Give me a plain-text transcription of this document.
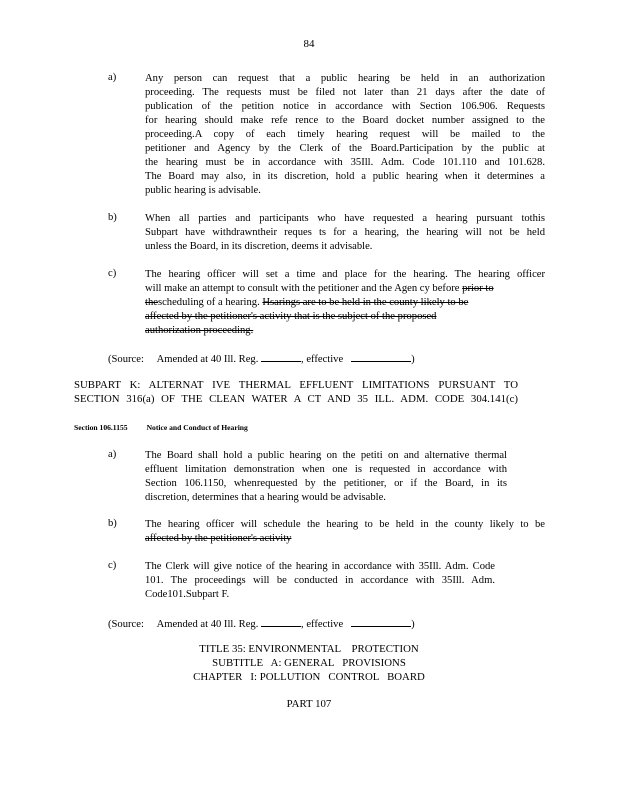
84
a)	Any person can request that a public hearing be held in an authorization
proceeding. The requests must be filed not later than 21 days after the date of
publication of the petition notice in accordance with Section 106.906. Requests
for hearing should make refe rence to the Board docket number assigned to the
proceeding.A copy of each timely hearing request will be mailed to the
petitioner and Agency by the Clerk of the Board.Participation by the public at
the hearing must be in accordance with 35Ill. Adm. Code 101.110 and 101.628.
The Board may also, in its discretion, hold a public hearing when it determines a
public hearing is advisable.
b)	When all parties and participants who have requested a hearing pursuant tothis
Subpart have withdrawntheir reques ts for a hearing, the hearing will not be held
unless the Board, in its discretion, deems it advisable.
c)	The hearing officer will set a time and place for the hearing. The hearing officer
will make an attempt to consult with the petitioner and the Agen cy before prior to
thescheduling of a hearing. Hsarings are to be held in the county likely to be
affected by the petitioner's activity that is the subject of the proposed
authorization proceeding.
(Source: Amended at 40 Ill. Reg.	, effective	)
SUBPART K: ALTERNAT IVE THERMAL EFFLUENT LIMITATIONS PURSUANT TO
SECTION 316(a) OF THE CLEAN WATER A CT AND 35 ILL. ADM. CODE 304.141(c)
Section 106.1155 Notice and Conduct of Hearing
a)	The Board shall hold a public hearing on the petiti on and alternative thermal
effluent limitation demonstration when one is requested in accordance with
Section 106.1150, whenrequested by the petitioner, or if the Board, in its
discretion, determines that a hearing would be advisable.
b)	The hearing officer will schedule the hearing to be held in the county likely to be
affected by the petitioner's activity
c)	The Clerk will give notice of the hearing in accordance with 35Ill. Adm. Code
101. The proceedings will be conducted in accordance with 35Ill. Adm.
Code101.Subpart F.
(Source: Amended at 40 Ill. Reg.	, effective	)
TITLE 35: ENVIRONMENTAL    PROTECTION
SUBTITLE   A: GENERAL   PROVISIONS
CHAPTER   I: POLLUTION   CONTROL   BOARD
PART 107
